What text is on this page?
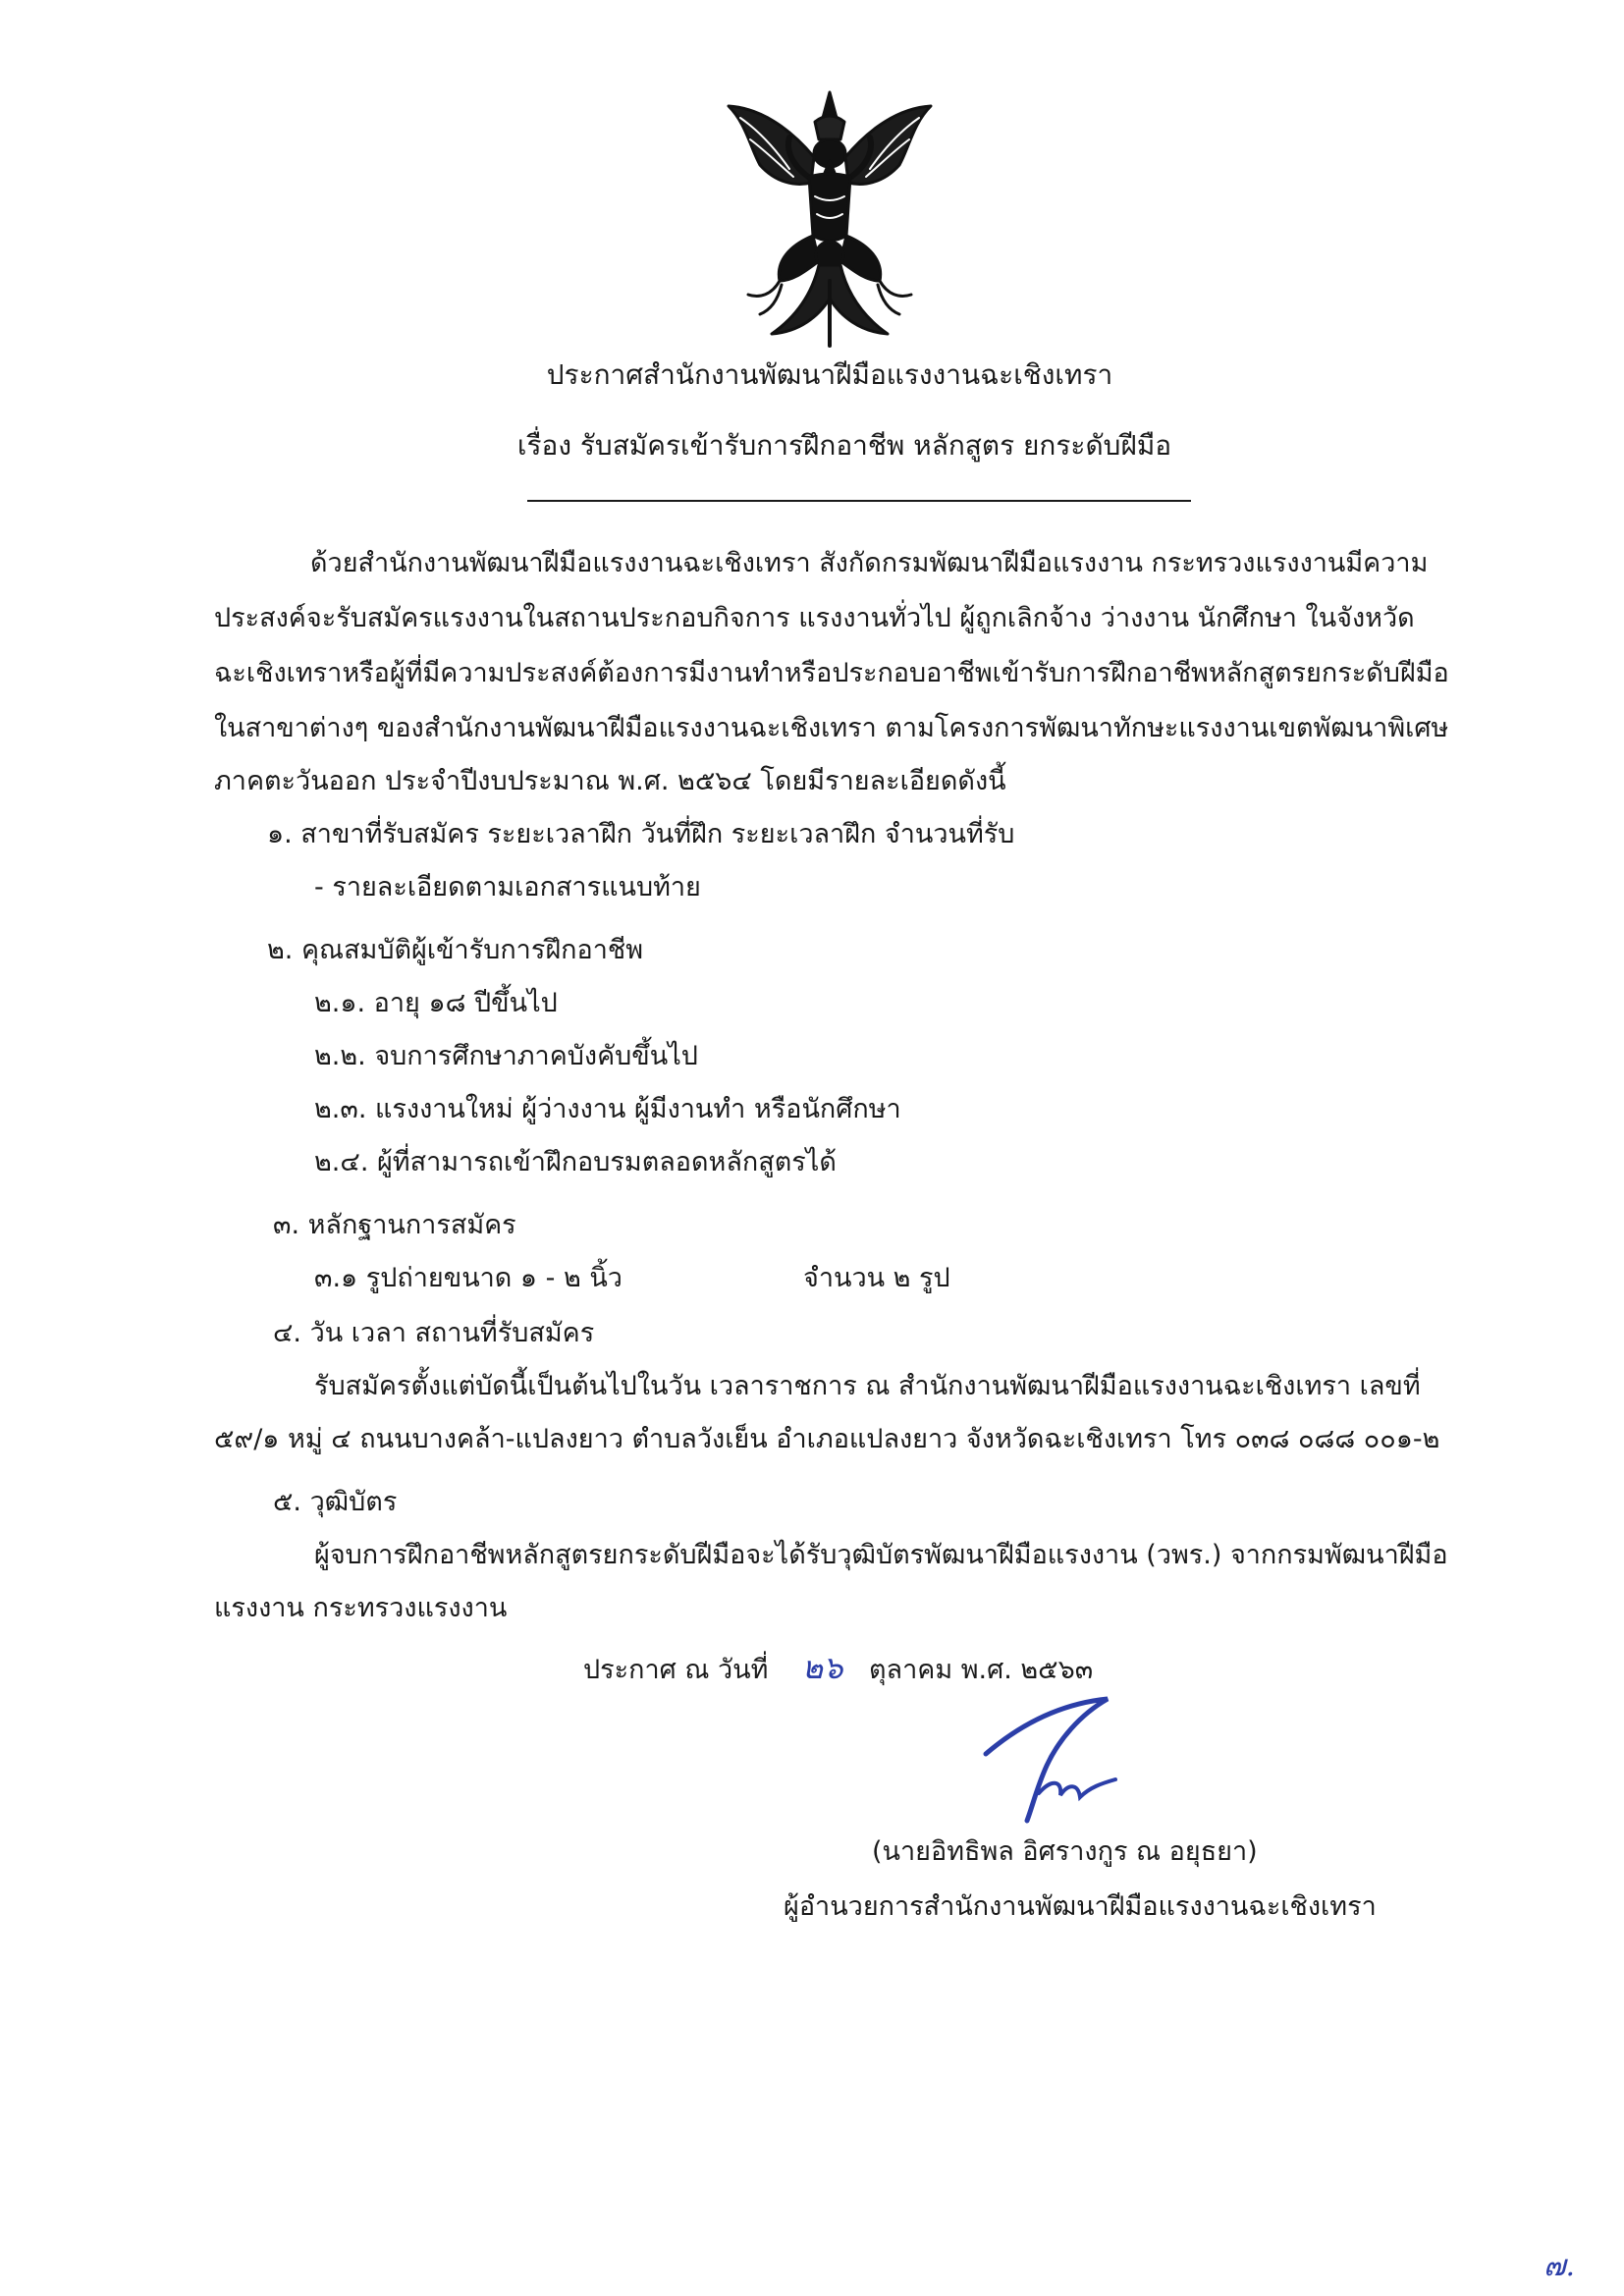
ประกาศสำนักงานพัฒนาฝีมือแรงงานฉะเชิงเทรา
เรื่อง รับสมัครเข้ารับการฝึกอาชีพ หลักสูตร ยกระดับฝีมือ
ด้วยสำนักงานพัฒนาฝีมือแรงงานฉะเชิงเทรา สังกัดกรมพัฒนาฝีมือแรงงาน กระทรวงแรงงานมีความ
ประสงค์จะรับสมัครแรงงานในสถานประกอบกิจการ แรงงานทั่วไป ผู้ถูกเลิกจ้าง ว่างงาน นักศึกษา ในจังหวัด
ฉะเชิงเทราหรือผู้ที่มีความประสงค์ต้องการมีงานทำหรือประกอบอาชีพเข้ารับการฝึกอาชีพหลักสูตรยกระดับฝีมือ
ในสาขาต่างๆ ของสำนักงานพัฒนาฝีมือแรงงานฉะเชิงเทรา ตามโครงการพัฒนาทักษะแรงงานเขตพัฒนาพิเศษ
ภาคตะวันออก ประจำปีงบประมาณ พ.ศ. ๒๕๖๔ โดยมีรายละเอียดดังนี้
๑. สาขาที่รับสมัคร ระยะเวลาฝึก วันที่ฝึก ระยะเวลาฝึก จำนวนที่รับ
- รายละเอียดตามเอกสารแนบท้าย
๒. คุณสมบัติผู้เข้ารับการฝึกอาชีพ
๒.๑. อายุ ๑๘ ปีขึ้นไป
๒.๒. จบการศึกษาภาคบังคับขึ้นไป
๒.๓. แรงงานใหม่ ผู้ว่างงาน ผู้มีงานทำ หรือนักศึกษา
๒.๔. ผู้ที่สามารถเข้าฝึกอบรมตลอดหลักสูตรได้
๓. หลักฐานการสมัคร
๓.๑ รูปถ่ายขนาด ๑ - ๒ นิ้ว	จำนวน ๒ รูป
๔. วัน เวลา สถานที่รับสมัคร
รับสมัครตั้งแต่บัดนี้เป็นต้นไปในวัน เวลาราชการ ณ สำนักงานพัฒนาฝีมือแรงงานฉะเชิงเทรา เลขที่
๕๙/๑ หมู่ ๔ ถนนบางคล้า-แปลงยาว ตำบลวังเย็น อำเภอแปลงยาว จังหวัดฉะเชิงเทรา โทร ๐๓๘ ๐๘๘ ๐๐๑-๒
๕. วุฒิบัตร
ผู้จบการฝึกอาชีพหลักสูตรยกระดับฝีมือจะได้รับวุฒิบัตรพัฒนาฝีมือแรงงาน (วพร.) จากกรมพัฒนาฝีมือ
แรงงาน กระทรวงแรงงาน
ประกาศ ณ วันที่ ๒๖ ตุลาคม พ.ศ. ๒๕๖๓
(นายอิทธิพล อิศรางกูร ณ อยุธยา)
ผู้อำนวยการสำนักงานพัฒนาฝีมือแรงงานฉะเชิงเทรา
๗.
